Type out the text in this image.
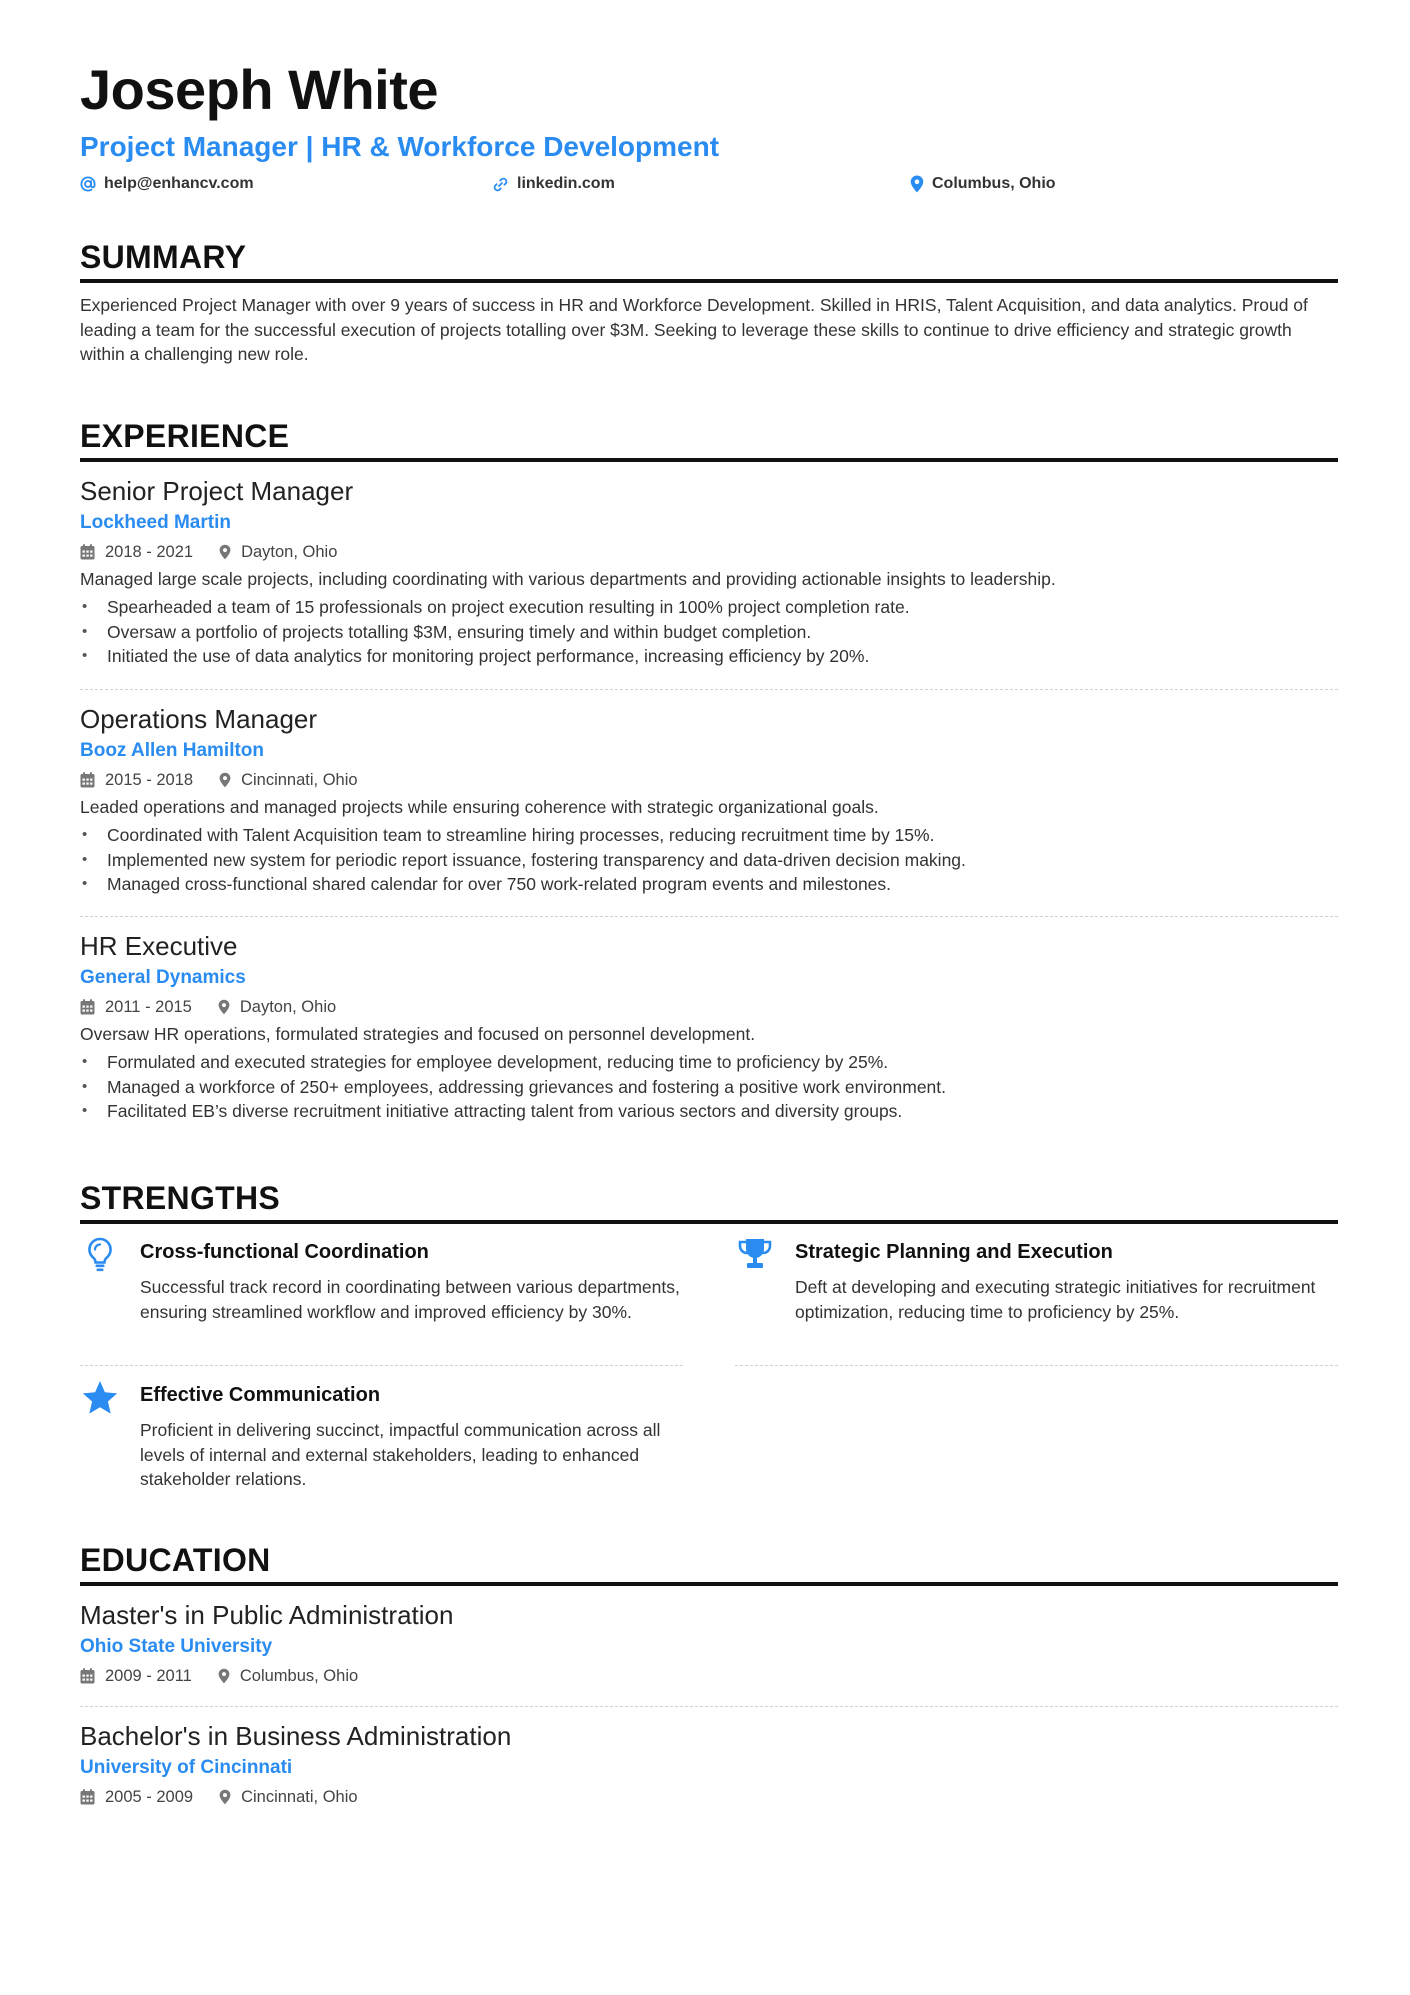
Joseph White
Project Manager | HR & Workforce Development
help@enhancv.com	linkedin.com	Columbus, Ohio
SUMMARY

Experienced Project Manager with over 9 years of success in HR and Workforce Development. Skilled in HRIS, Talent Acquisition, and data analytics. Proud of leading a team for the successful execution of projects totalling over $3M. Seeking to leverage these skills to continue to drive efficiency and strategic growth within a challenging new role.

EXPERIENCE
Senior Project Manager
Lockheed Martin
2018 - 2021	Dayton, Ohio

Managed large scale projects, including coordinating with various departments and providing actionable insights to leadership.

• Spearheaded a team of 15 professionals on project execution resulting in 100% project completion rate.
• Oversaw a portfolio of projects totalling $3M, ensuring timely and within budget completion.
• Initiated the use of data analytics for monitoring project performance, increasing efficiency by 20%.
Operations Manager
Booz Allen Hamilton
2015 - 2018	Cincinnati, Ohio

Leaded operations and managed projects while ensuring coherence with strategic organizational goals.

• Coordinated with Talent Acquisition team to streamline hiring processes, reducing recruitment time by 15%.
• Implemented new system for periodic report issuance, fostering transparency and data-driven decision making.
• Managed cross-functional shared calendar for over 750 work-related program events and milestones.
HR Executive
General Dynamics
2011 - 2015	Dayton, Ohio

Oversaw HR operations, formulated strategies and focused on personnel development.

• Formulated and executed strategies for employee development, reducing time to proficiency by 25%.
• Managed a workforce of 250+ employees, addressing grievances and fostering a positive work environment.
• Facilitated EB’s diverse recruitment initiative attracting talent from various sectors and diversity groups.
STRENGTHS
Cross-functional Coordination

Successful track record in coordinating between various departments, ensuring streamlined workflow and improved efficiency by 30%.

Strategic Planning and Execution

Deft at developing and executing strategic initiatives for recruitment optimization, reducing time to proficiency by 25%.

Effective Communication

Proficient in delivering succinct, impactful communication across all levels of internal and external stakeholders, leading to enhanced stakeholder relations.

EDUCATION
Master's in Public Administration
Ohio State University
2009 - 2011	Columbus, Ohio
Bachelor's in Business Administration
University of Cincinnati
2005 - 2009	Cincinnati, Ohio
